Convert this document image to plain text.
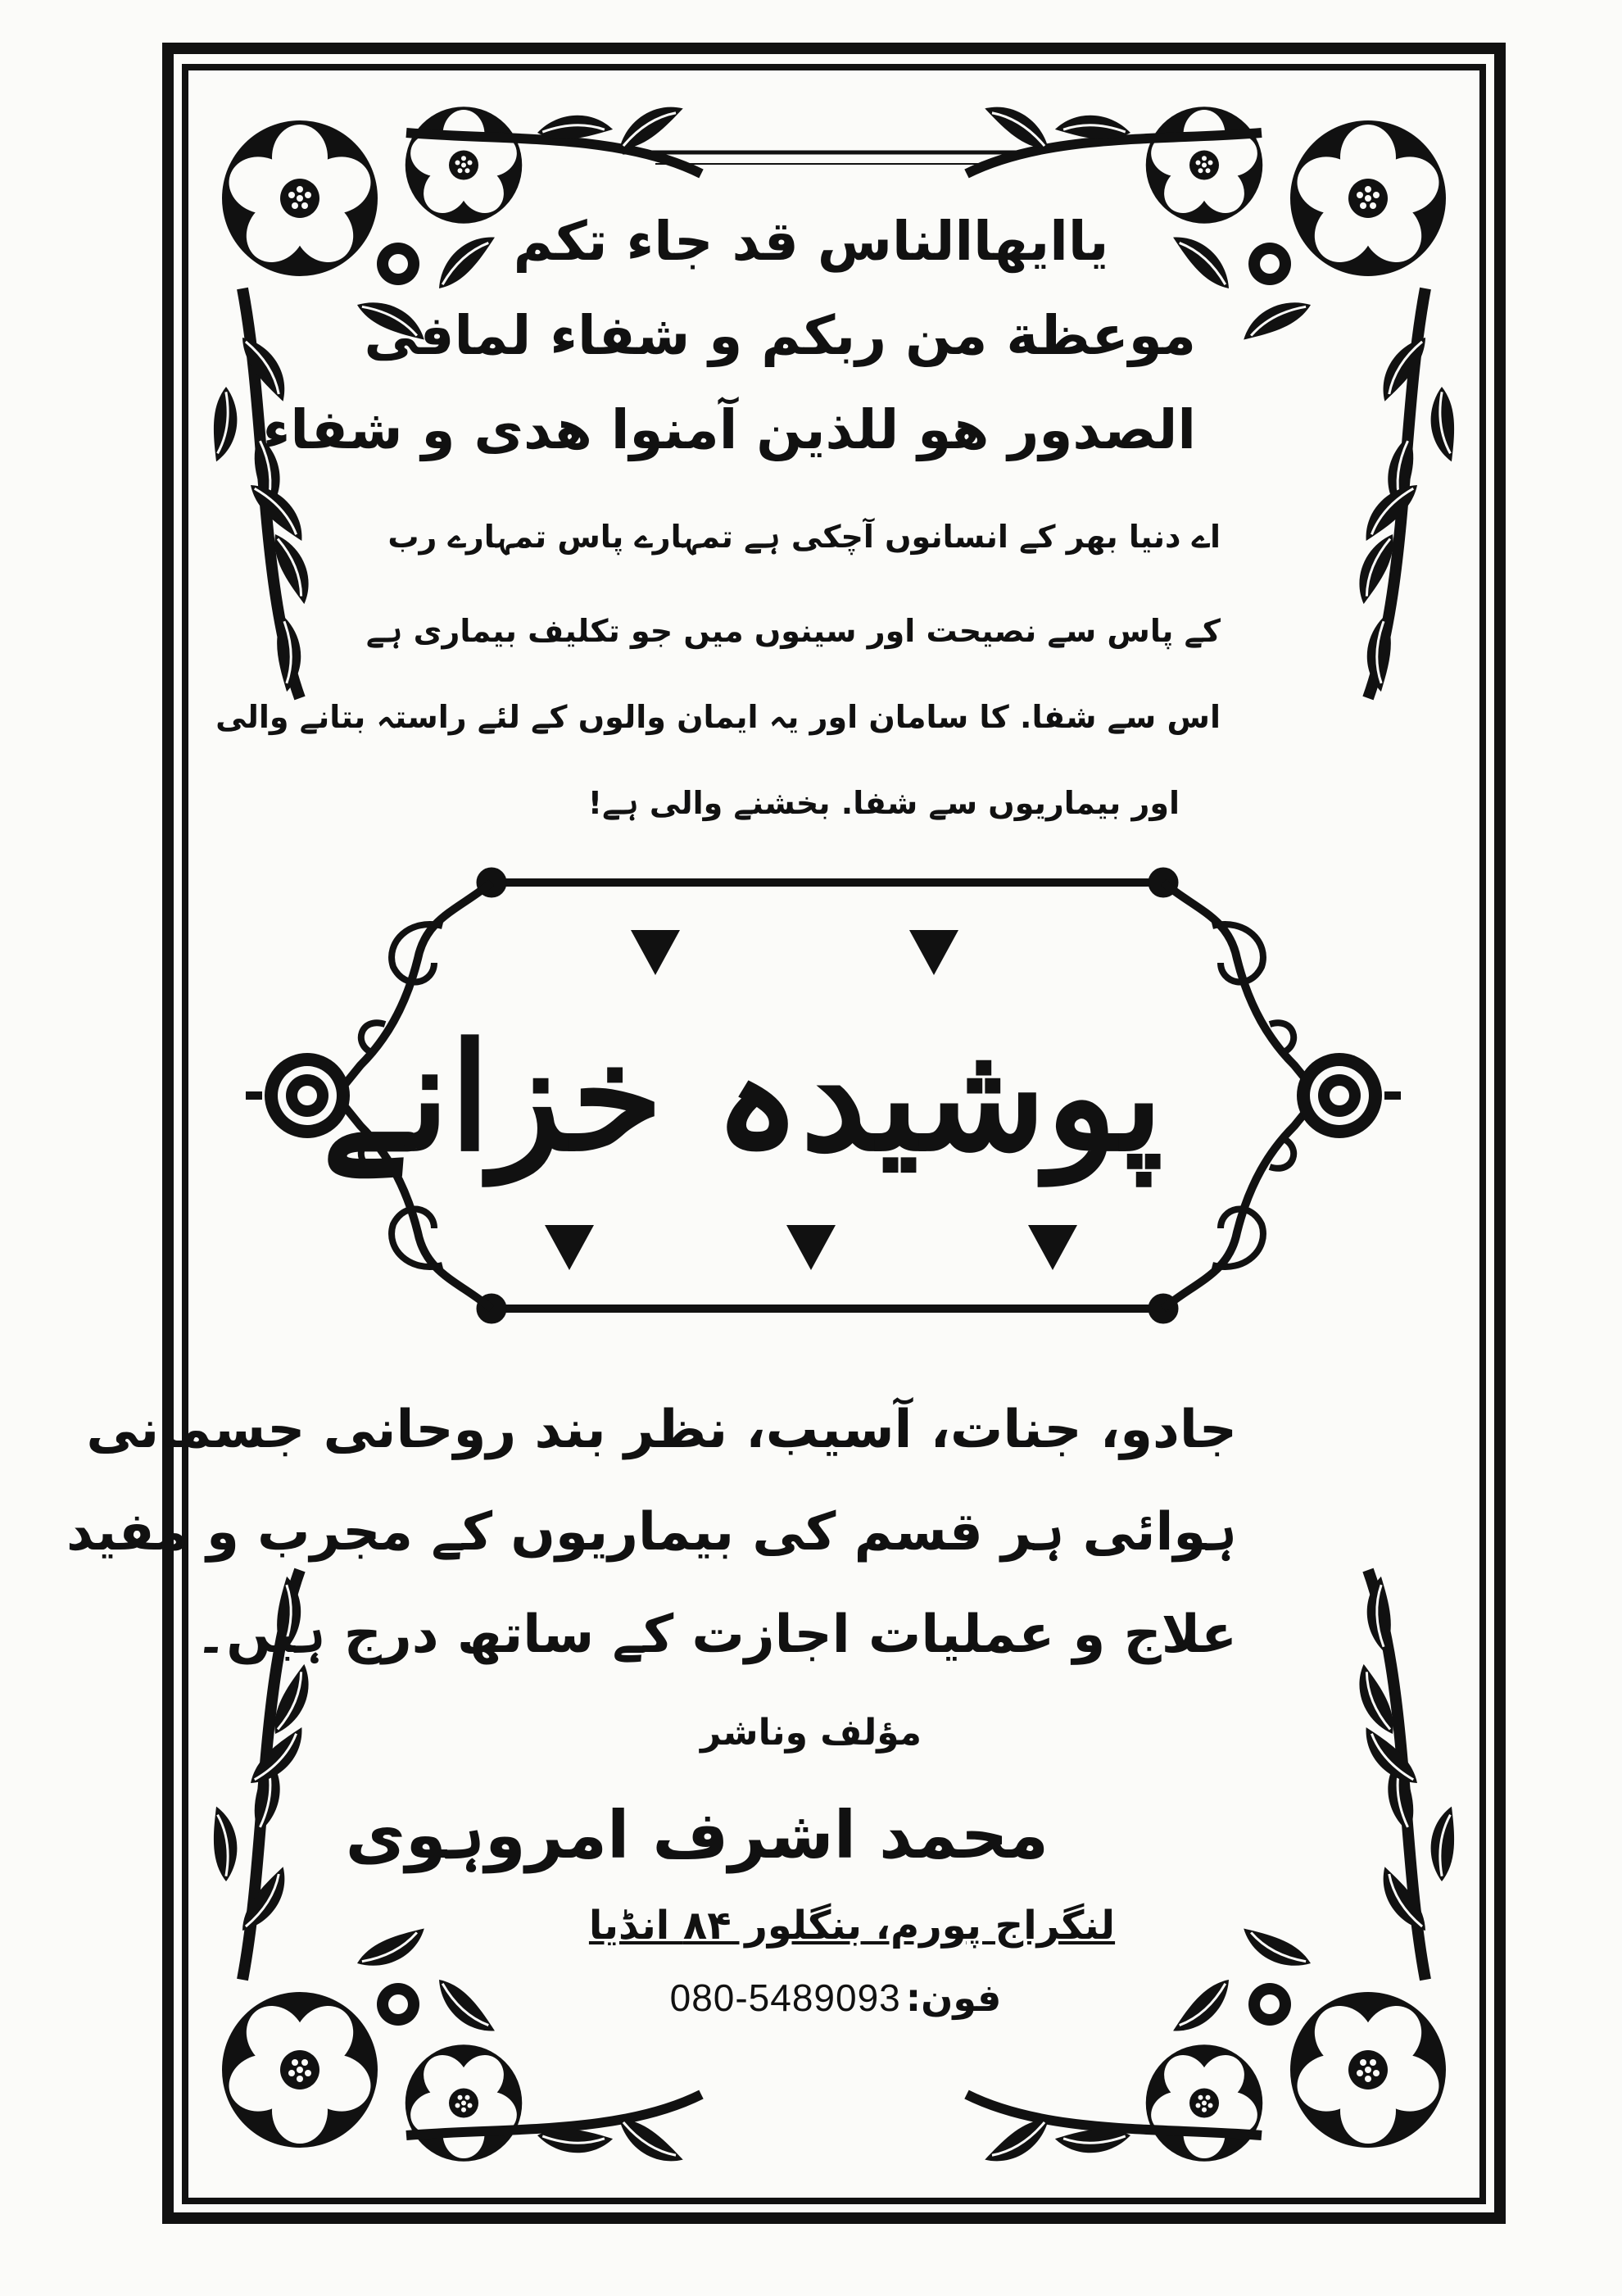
یاایھاالناس قد جاء تکم
موعظة من ربکم و شفاء لمافی
الصدور ھو للذین آمنوا ھدی و شفاء
اے دنیا بھر کے انسانوں آچکی ہے تمہارے پاس تمہارے رب
کے پاس سے نصیحت اور سینوں میں جو تکلیف بیماری ہے
اس سے شفا. کا سامان اور یہ ایمان والوں کے لئے راستہ بتانے والی
اور بیماریوں سے شفا. بخشنے والی ہے!
پوشیدہ خزانے
جادو، جنات، آسیب، نظر بند روحانی جسمانی
ہوائی ہر قسم کی بیماریوں کے مجرب و مفید
علاج و عملیات اجازت کے ساتھ درج ہیں۔
مؤلف وناشر
محمد اشرف امروہوی
لنگراج پورم، بنگلور ۸۴ انڈیا
فون:
080-5489093
